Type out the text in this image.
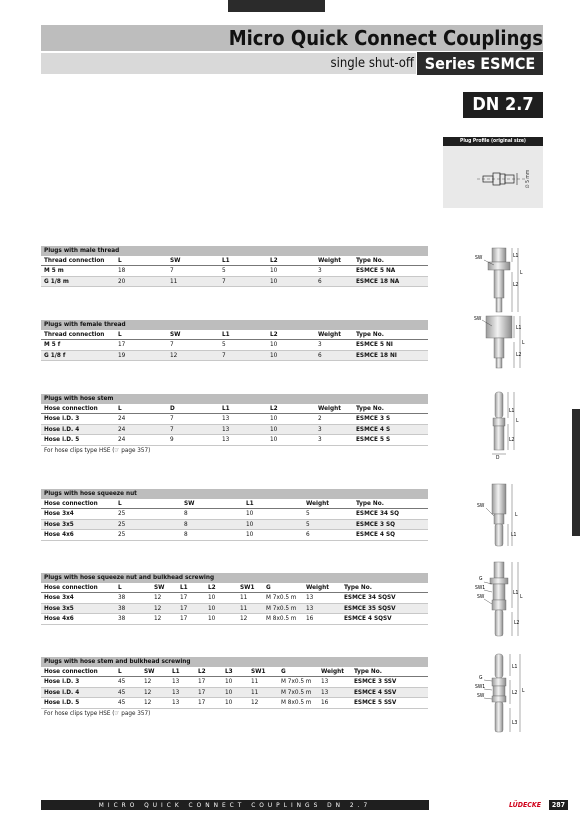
Micro Quick Connect Couplings
single shut-off Series ESMCE
DN 2.7
Plug Profile (original size)
∅ 5 mm
Plugs with male thread						
Thread connection	L	SW	L1	L2	Weight	Type No.
M 5 m	18	7	5	10	3	ESMCE 5 NA
G 1/8 m	20	11	7	10	6	ESMCE 18 NA
Plugs with female thread						
Thread connection	L	SW	L1	L2	Weight	Type No.
M 5 f	17	7	5	10	3	ESMCE 5 NI
G 1/8 f	19	12	7	10	6	ESMCE 18 NI
Plugs with hose stem						
Hose connection	L	D	L1	L2	Weight	Type No.
Hose i.D. 3	24	7	13	10	2	ESMCE 3 S
Hose i.D. 4	24	7	13	10	3	ESMCE 4 S
Hose i.D. 5	24	9	13	10	3	ESMCE 5 S
For hose clips type HSE (☞ page 357)
Plugs with hose squeeze nut					
Hose connection	L	SW	L1	Weight	Type No.
Hose 3x4	25	8	10	5	ESMCE 34 SQ
Hose 3x5	25	8	10	5	ESMCE 3 SQ
Hose 4x6	25	8	10	6	ESMCE 4 SQ
Plugs with hose squeeze nut and bulkhead screwing								
Hose connection	L	SW	L1	L2	SW1	G	Weight	Type No.
Hose 3x4	38	12	17	10	11	M 7x0.5 m	13	ESMCE 34 SQSV
Hose 3x5	38	12	17	10	11	M 7x0.5 m	13	ESMCE 35 SQSV
Hose 4x6	38	12	17	10	12	M 8x0.5 m	16	ESMCE 4 SQSV
Plugs with hose stem and bulkhead screwing									
Hose connection	L	SW	L1	L2	L3	SW1	G	Weight	Type No.
Hose i.D. 3	45	12	13	17	10	11	M 7x0.5 m	13	ESMCE 3 SSV
Hose i.D. 4	45	12	13	17	10	11	M 7x0.5 m	13	ESMCE 4 SSV
Hose i.D. 5	45	12	13	17	10	12	M 8x0.5 m	16	ESMCE 5 SSV
For hose clips type HSE (☞ page 357)
SW	L1
L
L2
SW
L1
L
L2
L1
L
L2
D
SW
L
L1
G
SW1
SW
L1
L
L2
L1
G
SW1
SW	L2 L
L3
MICRO QUICK CONNECT COUPLINGS DN 2.7	LÜDECKE	287
